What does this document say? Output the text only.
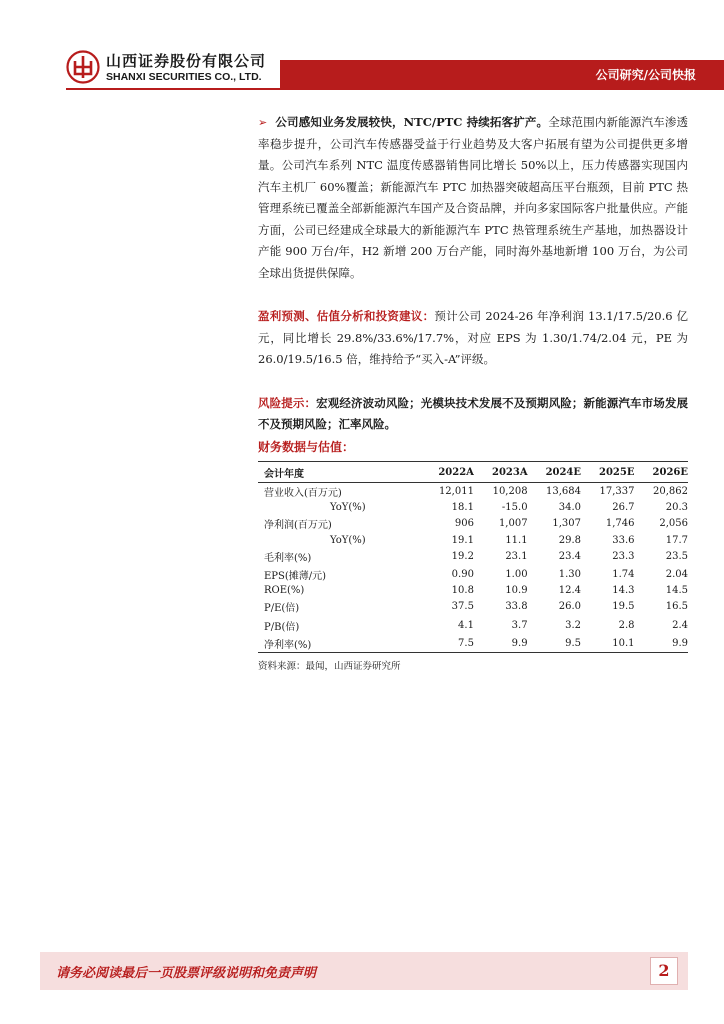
山西证券股份有限公司
SHANXI SECURITIES CO., LTD.	公司研究/公司快报

➢ 公司感知业务发展较快，NTC/PTC 持续拓客扩产。全球范围内新能源汽车渗透率稳步提升，公司汽车传感器受益于行业趋势及大客户拓展有望为公司提供更多增量。公司汽车系列 NTC 温度传感器销售同比增长 50%以上，压力传感器实现国内汽车主机厂 60%覆盖；新能源汽车 PTC 加热器突破超高压平台瓶颈，目前 PTC 热管理系统已覆盖全部新能源汽车国产及合资品牌，并向多家国际客户批量供应。产能方面，公司已经建成全球最大的新能源汽车 PTC 热管理系统生产基地，加热器设计产能 900 万台/年，H2 新增 200 万台产能，同时海外基地新增 100 万台，为公司全球出货提供保障。

盈利预测、估值分析和投资建议：预计公司 2024-26 年净利润 13.1/17.5/20.6 亿元，同比增长 29.8%/33.6%/17.7%，对应 EPS 为 1.30/1.74/2.04 元，PE 为 26.0/19.5/16.5 倍，维持给予“买入-A”评级。

风险提示：宏观经济波动风险；光模块技术发展不及预期风险；新能源汽车市场发展不及预期风险；汇率风险。

财务数据与估值：

会计年度	2022A	2023A	2024E	2025E	2026E
营业收入(百万元)	12,011	10,208	13,684	17,337	20,862
YoY(%)	18.1	-15.0	34.0	26.7	20.3
净利润(百万元)	906	1,007	1,307	1,746	2,056
YoY(%)	19.1	11.1	29.8	33.6	17.7
毛利率(%)	19.2	23.1	23.4	23.3	23.5
EPS(摊薄/元)	0.90	1.00	1.30	1.74	2.04
ROE(%)	10.8	10.9	12.4	14.3	14.5
P/E(倍)	37.5	33.8	26.0	19.5	16.5
P/B(倍)	4.1	3.7	3.2	2.8	2.4
净利率(%)	7.5	9.9	9.5	10.1	9.9
资料来源：最闻，山西证券研究所
请务必阅读最后一页股票评级说明和免责声明	2
